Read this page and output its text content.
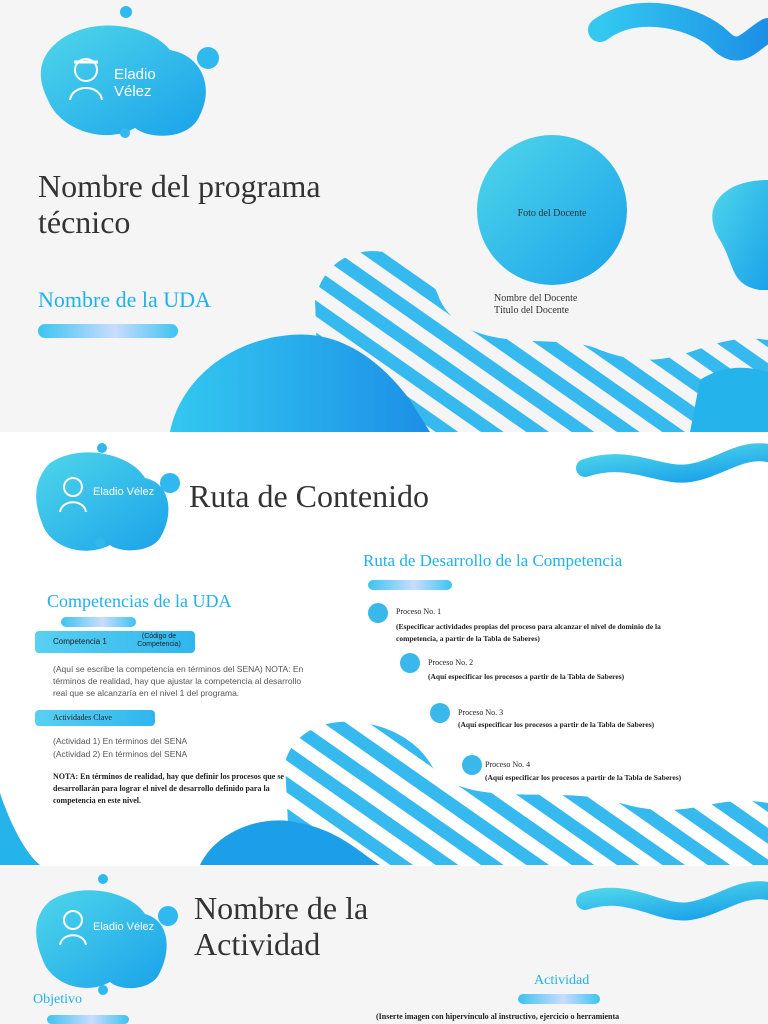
Eladio Vélez
Nombre del programa técnico
Nombre de la UDA
Foto del Docente
Nombre del Docente
Título del Docente
Eladio Vélez Ruta de Contenido
Competencias de la UDA
Competencia 1
(Código de Competencia)
(Aquí se escribe la competencia en términos del SENA) NOTA: En términos de realidad, hay que ajustar la competencia al desarrollo real que se alcanzaría en el nivel 1 del programa.
Actividades Clave
(Actividad 1) En términos del SENA
(Actividad 2) En términos del SENA
NOTA: En términos de realidad, hay que definir los procesos que se desarrollarán para lograr el nivel de desarrollo definido para la competencia en este nivel.
Ruta de Desarrollo de la Competencia
Proceso No. 1
(Especificar actividades propias del proceso para alcanzar el nivel de dominio de la competencia, a partir de la Tabla de Saberes)
Proceso No. 2
(Aquí especificar los procesos a partir de la Tabla de Saberes)
Proceso No. 3
(Aquí especificar los procesos a partir de la Tabla de Saberes)
Proceso No. 4
(Aquí especificar los procesos a partir de la Tabla de Saberes)
Eladio Vélez
Nombre de la Actividad
Objetivo
Actividad
(Inserte imagen con hipervínculo al instructivo, ejercicio o herramienta
